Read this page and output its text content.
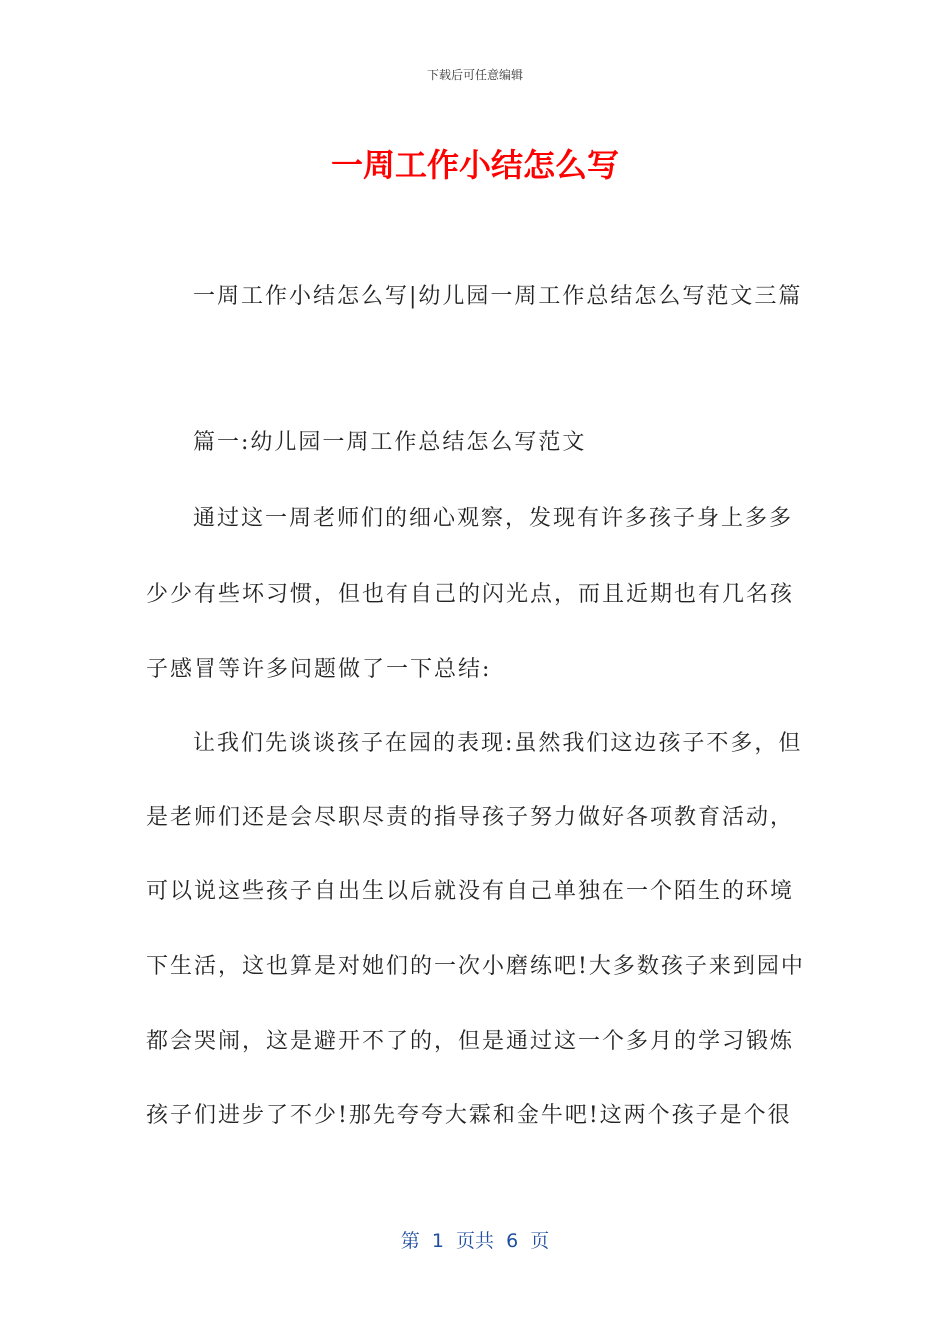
下载后可任意编辑
一周工作小结怎么写
一周工作小结怎么写|幼儿园一周工作总结怎么写范文三篇
篇一:幼儿园一周工作总结怎么写范文
通过这一周老师们的细心观察，发现有许多孩子身上多多
少少有些坏习惯，但也有自己的闪光点，而且近期也有几名孩
子感冒等许多问题做了一下总结:
让我们先谈谈孩子在园的表现:虽然我们这边孩子不多，但
是老师们还是会尽职尽责的指导孩子努力做好各项教育活动，
可以说这些孩子自出生以后就没有自己单独在一个陌生的环境
下生活，这也算是对她们的一次小磨练吧!大多数孩子来到园中
都会哭闹，这是避开不了的，但是通过这一个多月的学习锻炼
孩子们进步了不少!那先夸夸大霖和金牛吧!这两个孩子是个很
第  1  页共  6  页
